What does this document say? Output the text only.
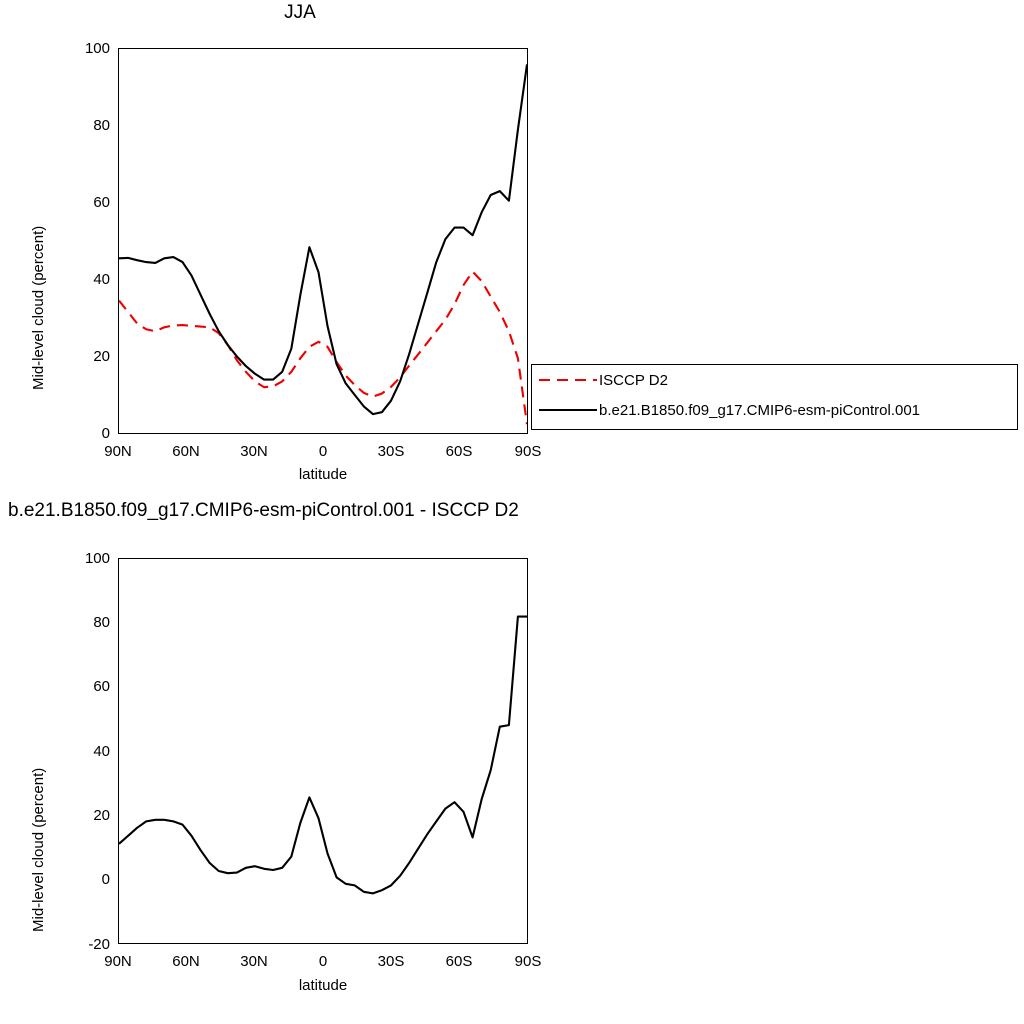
JJA
Mid-level cloud (percent)
100
80
60
40
20
0
90N	60N	30N	0	30S	60S	90S
latitude
ISCCP D2
b.e21.B1850.f09_g17.CMIP6-esm-piControl.001
b.e21.B1850.f09_g17.CMIP6-esm-piControl.001 - ISCCP D2
Mid-level cloud (percent)
100
80
60
40
20
0
-20
90N	60N	30N	0	30S	60S	90S
latitude
